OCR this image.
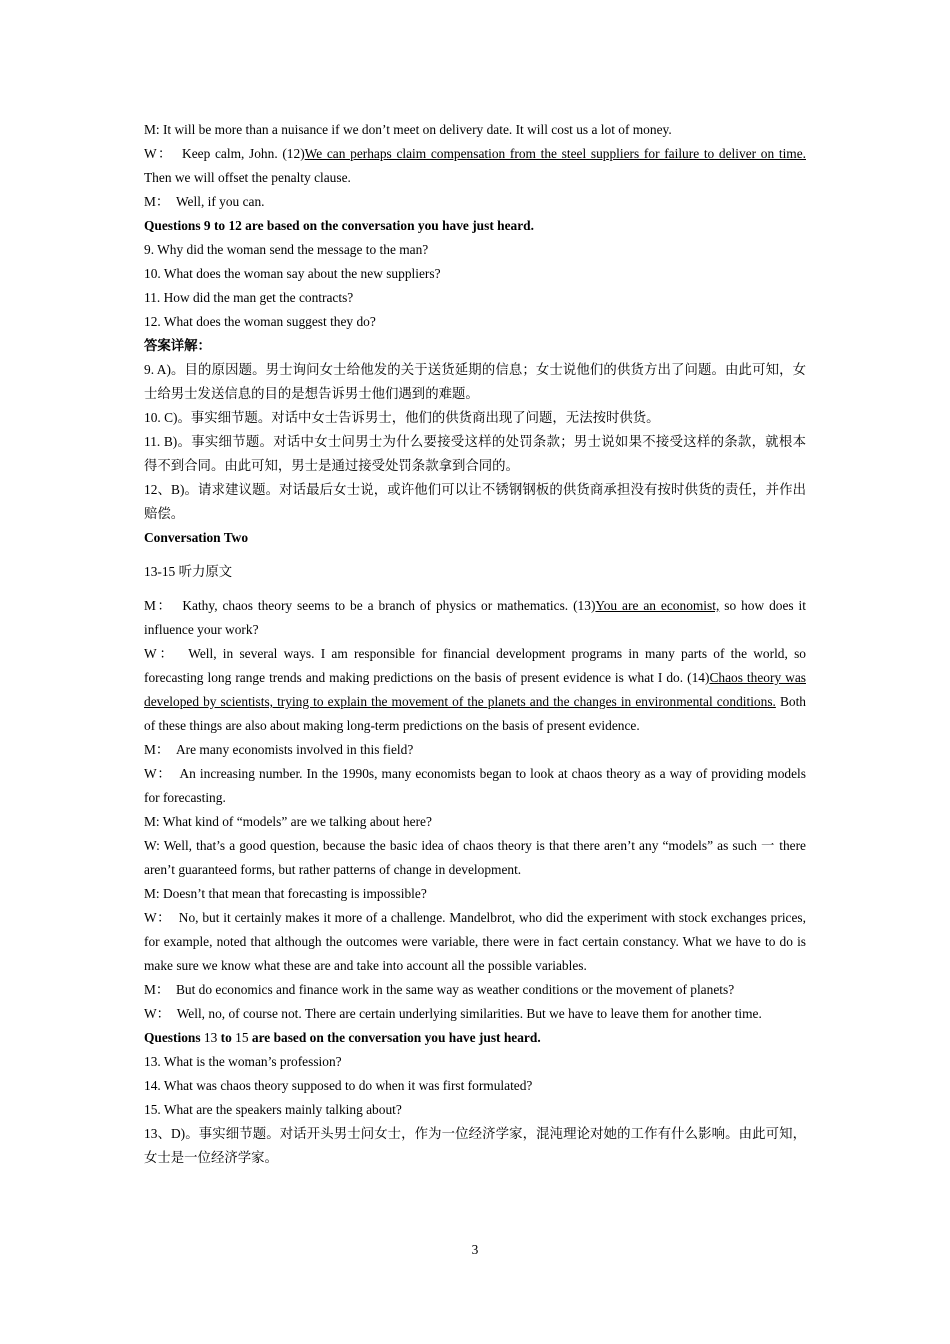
M: It will be more than a nuisance if we don’t meet on delivery date. It will cost us a lot of money.

W：  Keep calm, John. (12)We can perhaps claim compensation from the steel suppliers for failure to deliver on time. Then we will offset the penalty clause.

M：  Well, if you can.

Questions 9 to 12 are based on the conversation you have just heard.

9. Why did the woman send the message to the man?

10. What does the woman say about the new suppliers?

11. How did the man get the contracts?

12. What does the woman suggest they do?

答案详解：

9. A)。目的原因题。男士询问女士给他发的关于送货延期的信息；女士说他们的供货方出了问题。由此可知，女士给男士发送信息的目的是想告诉男士他们遇到的难题。

10. C)。事实细节题。对话中女士告诉男士，他们的供货商出现了问题，无法按时供货。

11. B)。事实细节题。对话中女士问男士为什么要接受这样的处罚条款；男士说如果不接受这样的条款，就根本得不到合同。由此可知，男士是通过接受处罚条款拿到合同的。

12、B)。请求建议题。对话最后女士说，或许他们可以让不锈钢钢板的供货商承担没有按时供货的责任，并作出赔偿。

Conversation Two

13-15 听力原文

M：  Kathy, chaos theory seems to be a branch of physics or mathematics. (13)You are an economist, so how does it influence your work?

W：  Well, in several ways. I am responsible for financial development programs in many parts of the world, so forecasting long range trends and making predictions on the basis of present evidence is what I do. (14)Chaos theory was developed by scientists, trying to explain the movement of the planets and the changes in environmental conditions. Both of these things are also about making long-term predictions on the basis of present evidence.

M：  Are many economists involved in this field?

W：  An increasing number. In the 1990s, many economists began to look at chaos theory as a way of providing models for forecasting.

M: What kind of “models” are we talking about here?

W: Well, that’s a good question, because the basic idea of chaos theory is that there aren’t any “models” as such 一 there aren’t guaranteed forms, but rather patterns of change in development.

M: Doesn’t that mean that forecasting is impossible?

W：  No, but it certainly makes it more of a challenge. Mandelbrot, who did the experiment with stock exchanges prices, for example, noted that although the outcomes were variable, there were in fact certain constancy. What we have to do is make sure we know what these are and take into account all the possible variables.

M：  But do economics and finance work in the same way as weather conditions or the movement of planets?

W：  Well, no, of course not. There are certain underlying similarities. But we have to leave them for another time.

Questions 13 to 15 are based on the conversation you have just heard.

13. What is the woman’s profession?

14. What was chaos theory supposed to do when it was first formulated?

15. What are the speakers mainly talking about?

13、D)。事实细节题。对话开头男士问女士，作为一位经济学家，混沌理论对她的工作有什么影响。由此可知，女士是一位经济学家。

3
